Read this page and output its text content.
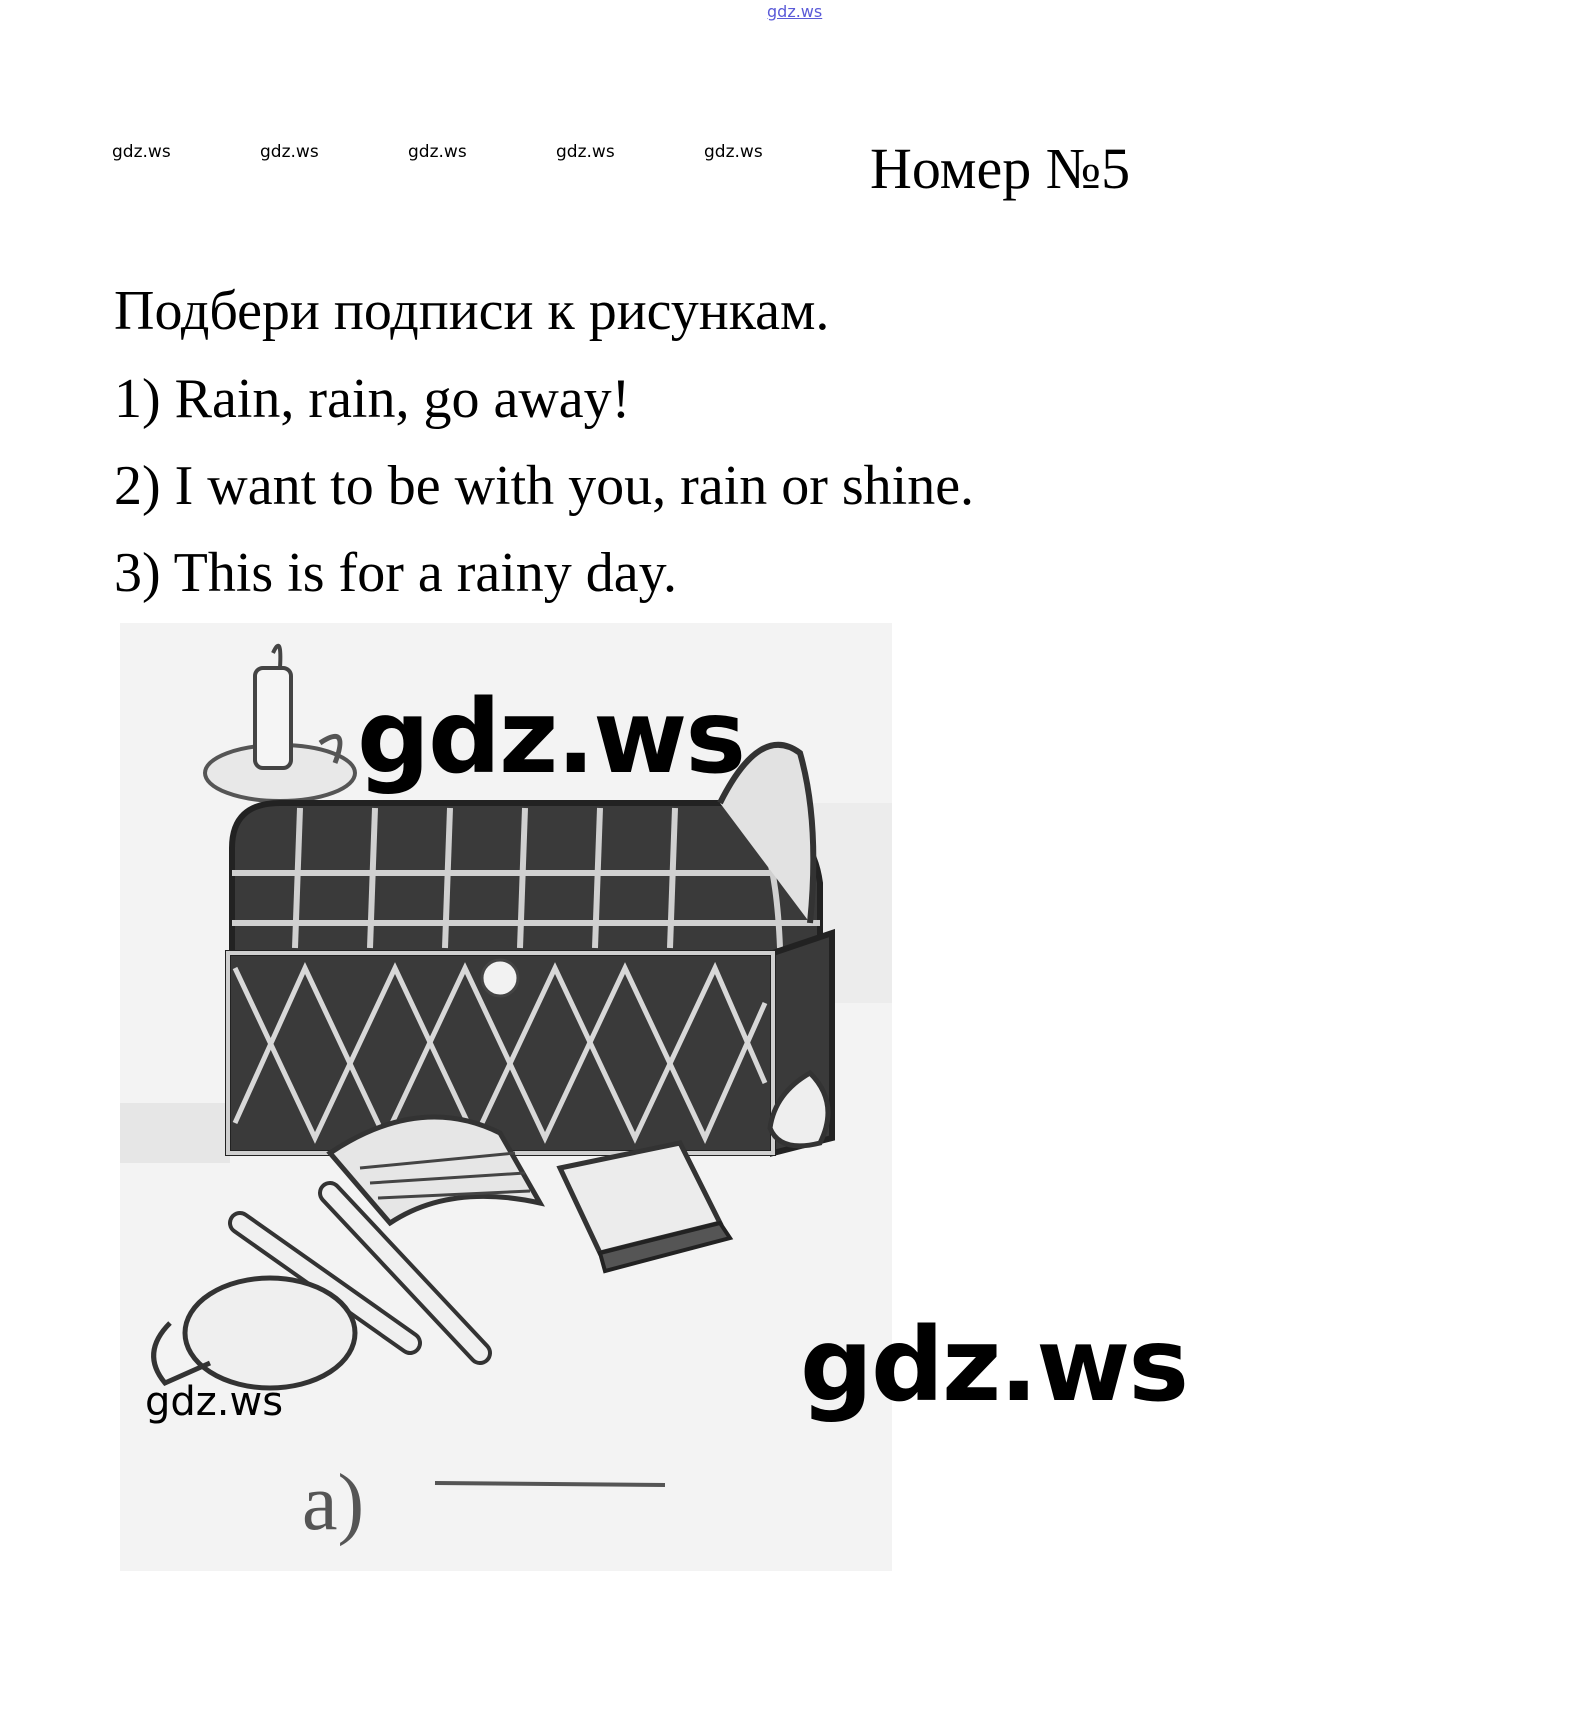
gdz.ws
gdz.ws	gdz.ws	gdz.ws	gdz.ws	gdz.ws Номер №5
Подбери подписи к рисункам.
1) Rain, rain, go away!
2) I want to be with you, rain or shine.
3) This is for a rainy day.
gdz.ws
gdz.ws
gdz.ws
a)
